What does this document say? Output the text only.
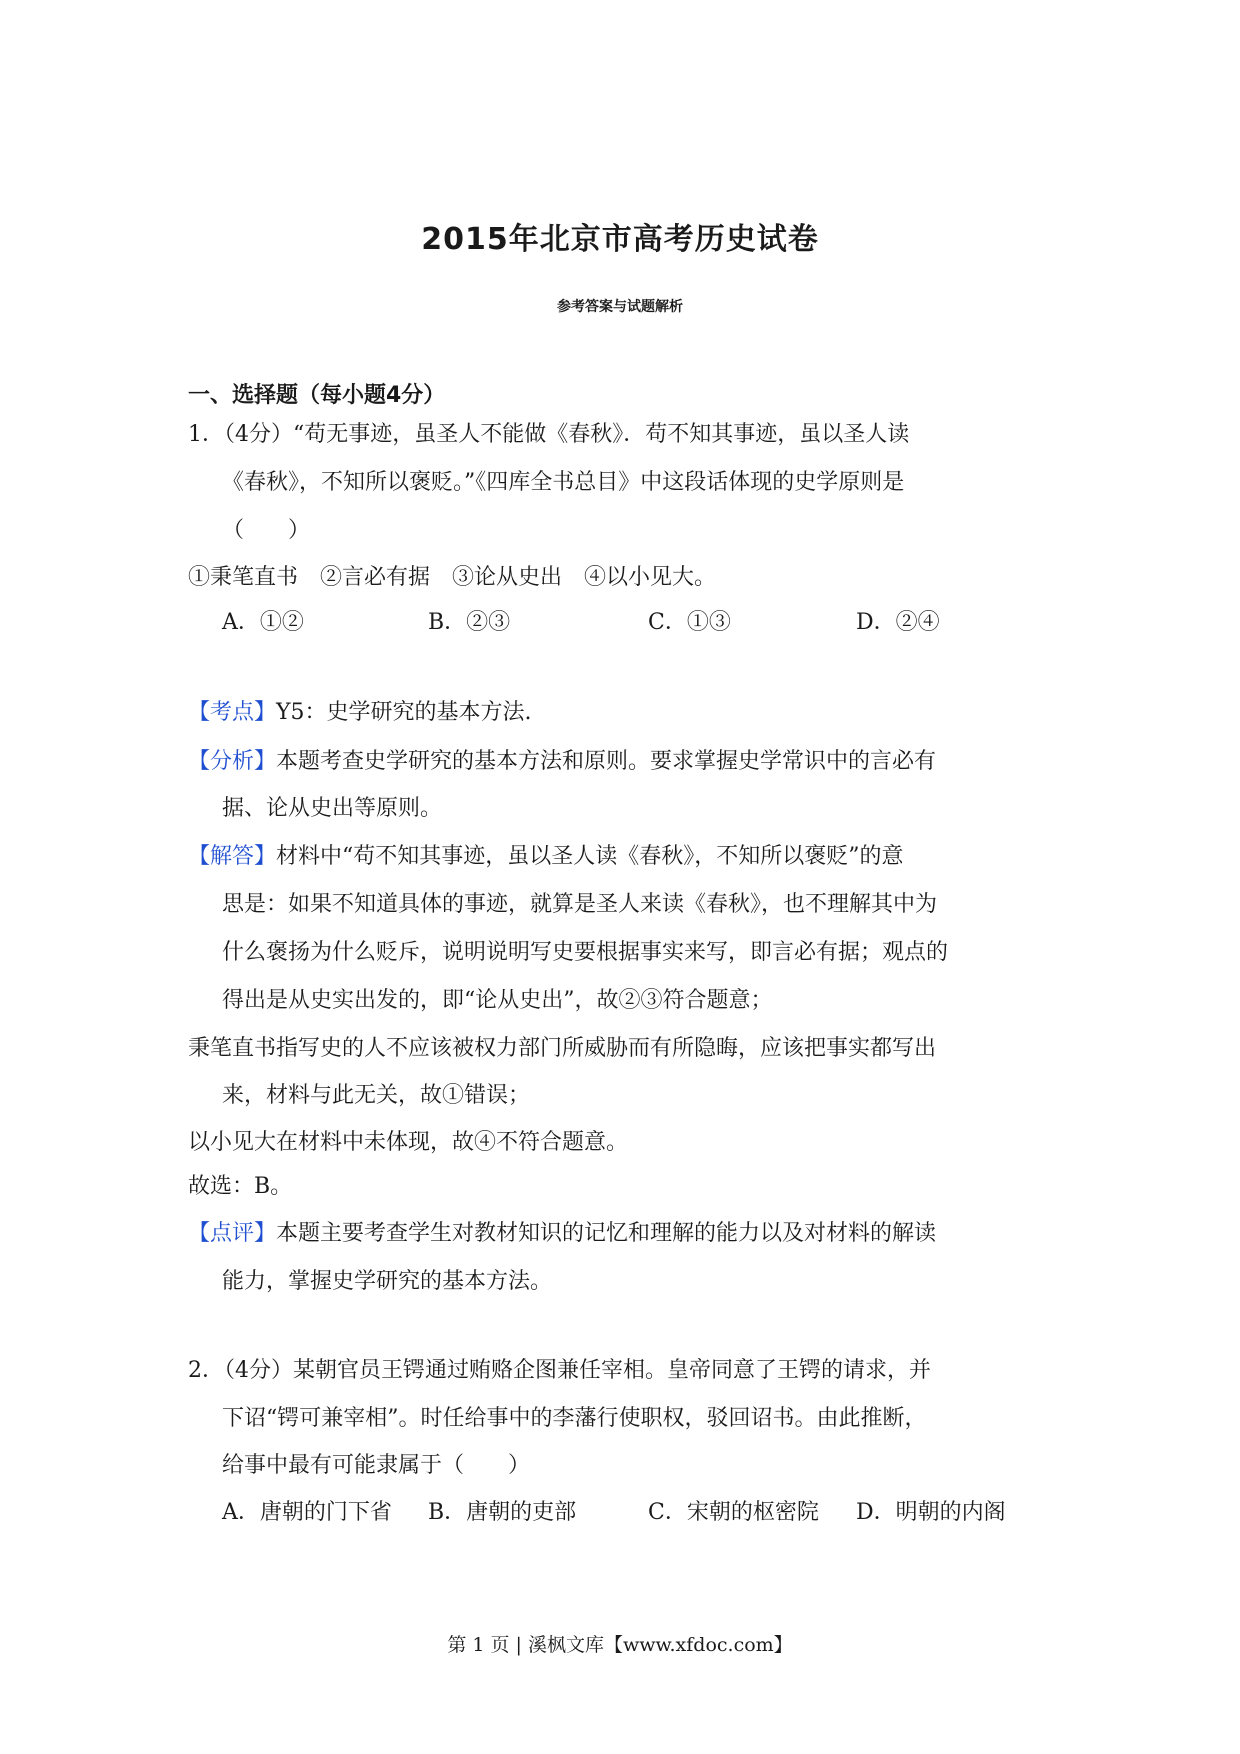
2015年北京市高考历史试卷
参考答案与试题解析
一、选择题（每小题4分）
1．（4分）“苟无事迹，虽圣人不能做《春秋》．苟不知其事迹，虽以圣人读
《春秋》，不知所以褒贬。”《四库全书总目》中这段话体现的史学原则是
（　　）
①秉笔直书　②言必有据　③论从史出　④以小见大。
A．①②	B．②③	C．①③	D．②④
【考点】Y5：史学研究的基本方法.
【分析】本题考查史学研究的基本方法和原则。要求掌握史学常识中的言必有
据、论从史出等原则。
【解答】材料中“苟不知其事迹，虽以圣人读《春秋》，不知所以褒贬”的意
思是：如果不知道具体的事迹，就算是圣人来读《春秋》，也不理解其中为
什么褒扬为什么贬斥，说明说明写史要根据事实来写，即言必有据；观点的
得出是从史实出发的，即“论从史出”，故②③符合题意；
秉笔直书指写史的人不应该被权力部门所威胁而有所隐晦，应该把事实都写出
来，材料与此无关，故①错误；
以小见大在材料中未体现，故④不符合题意。
故选：B。
【点评】本题主要考查学生对教材知识的记忆和理解的能力以及对材料的解读
能力，掌握史学研究的基本方法。
2．（4分）某朝官员王锷通过贿赂企图兼任宰相。皇帝同意了王锷的请求，并
下诏“锷可兼宰相”。时任给事中的李藩行使职权，驳回诏书。由此推断，
给事中最有可能隶属于（　　）
A．唐朝的门下省 B．唐朝的吏部	C．宋朝的枢密院 D．明朝的内阁
第 1 页 | 溪枫文库【www.xfdoc.com】
